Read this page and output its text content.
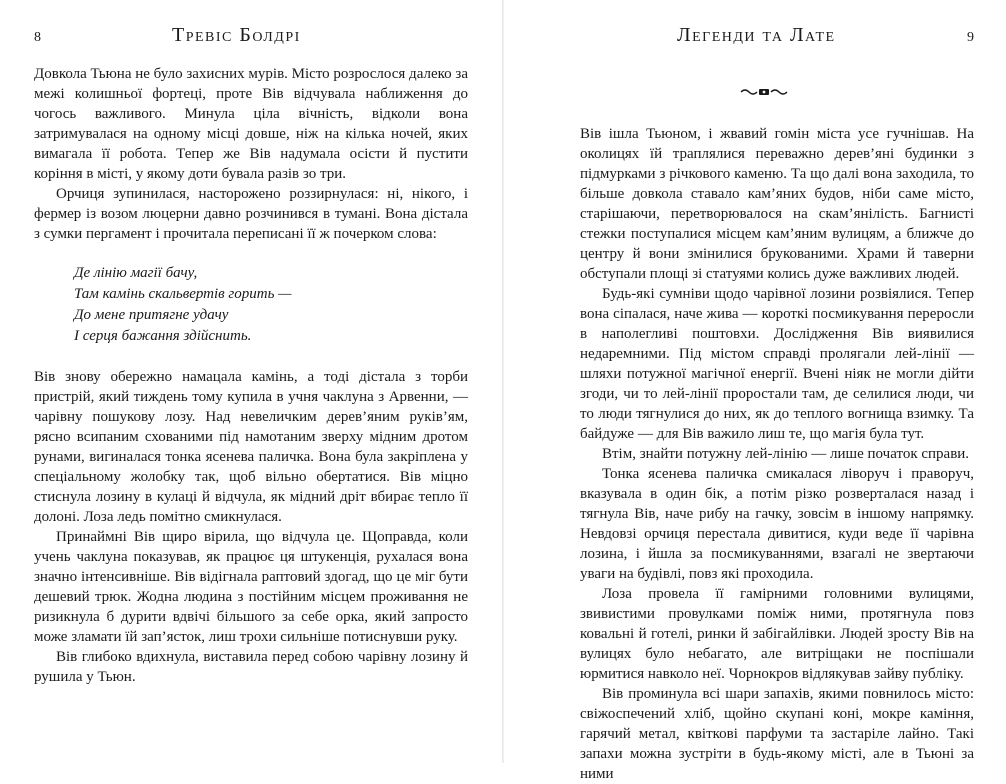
8	Тревіс Болдрі

Довкола Тьюна не було захисних мурів. Місто розрослося далеко за межі колишньої фортеці, проте Вів відчувала наближення до чогось важливого. Минула ціла вічність, відколи вона затримувалася на одному місці довше, ніж на кілька ночей, яких вимагала її робота. Тепер же Вів надумала осісти й пустити коріння в місті, у якому доти бувала разів зо три.

Орчиця зупинилася, насторожено роззирнулася: ні, нікого, і фермер із возом люцерни давно розчинився в тумані. Вона дістала з сумки пергамент і прочитала переписані її ж почерком слова:

Де лінію магії бачу,
Там камінь скальвертів горить —
До мене притягне удачу
І серця бажання здійснить.

Вів знову обережно намацала камінь, а тоді дістала з торби пристрій, який тиждень тому купила в учня чаклуна з Арвенни, — чарівну пошукову лозу. Над невеличким дерев’яним руків’ям, рясно всипаним схованими під намотаним зверху мідним дротом рунами, вигиналася тонка ясенева паличка. Вона була закріплена у спеціальному жолобку так, щоб вільно обертатися. Вів міцно стиснула лозину в кулаці й відчула, як мідний дріт вбирає тепло її долоні. Лоза ледь помітно смикнулася.

Принаймні Вів щиро вірила, що відчула це. Щоправда, коли учень чаклуна показував, як працює ця штукенція, рухалася вона значно інтенсивніше. Вів відігнала раптовий здогад, що це міг бути дешевий трюк. Жодна людина з постійним місцем проживання не ризикнула б дурити вдвічі більшого за себе орка, який запросто може зламати їй зап’ясток, лиш трохи сильніше потиснувши руку.

Вів глибоко вдихнула, виставила перед собою чарівну лозину й рушила у Тьюн.

Легенди та Лате	9

Вів ішла Тьюном, і жвавий гомін міста усе гучнішав. На околицях їй траплялися переважно дерев’яні будинки з підмурками з річкового каменю. Та що далі вона заходила, то більше довкола ставало кам’яних будов, ніби саме місто, старішаючи, перетворювалося на скам’янілість. Багнисті стежки поступалися місцем кам’яним вулицям, а ближче до центру й вони змінилися брукованими. Храми й таверни обступали площі зі статуями колись дуже важливих людей.

Будь-які сумніви щодо чарівної лозини розвіялися. Тепер вона сіпалася, наче жива — короткі посмикування переросли в наполегливі поштовхи. Дослідження Вів виявилися недаремними. Під містом справді пролягали лей-лінії — шляхи потужної магічної енергії. Вчені ніяк не могли дійти згоди, чи то лей-лінії проростали там, де селилися люди, чи то люди тягнулися до них, як до теплого вогнища взимку. Та байдуже — для Вів важило лиш те, що магія була тут.

Втім, знайти потужну лей-лінію — лише початок справи.

Тонка ясенева паличка смикалася ліворуч і праворуч, вказувала в один бік, а потім різко розверталася назад і тягнула Вів, наче рибу на гачку, зовсім в іншому напрямку. Невдовзі орчиця перестала дивитися, куди веде її чарівна лозина, і йшла за посмикуваннями, взагалі не звертаючи уваги на будівлі, повз які проходила.

Лоза провела її гамірними головними вулицями, звивистими провулками поміж ними, протягнула повз ковальні й готелі, ринки й забігайлівки. Людей зросту Вів на вулицях було небагато, але витріщаки не поспішали юрмитися навколо неї. Чорнокров відлякував зайву публіку.

Вів проминула всі шари запахів, якими повнилось місто: свіжоспечений хліб, щойно скупані коні, мокре каміння, гарячий метал, квіткові парфуми та застаріле лайно. Такі запахи можна зустріти в будь-якому місті, але в Тьюні за ними
